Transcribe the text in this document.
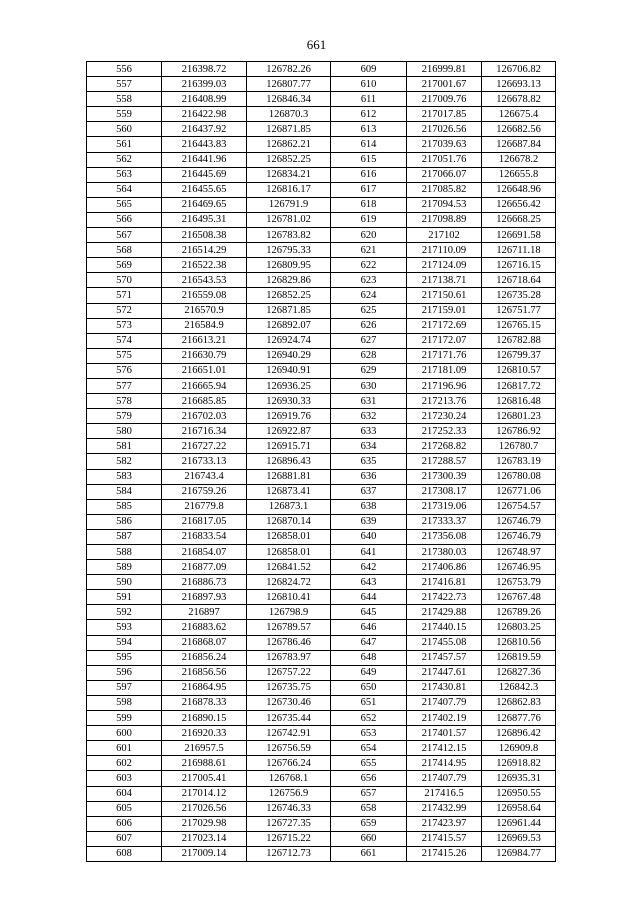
661
556	216398.72	126782.26	609	216999.81	126706.82
557	216399.03	126807.77	610	217001.67	126693.13
558	216408.99	126846.34	611	217009.76	126678.82
559	216422.98	126870.3	612	217017.85	126675.4
560	216437.92	126871.85	613	217026.56	126682.56
561	216443.83	126862.21	614	217039.63	126687.84
562	216441.96	126852.25	615	217051.76	126678.2
563	216445.69	126834.21	616	217066.07	126655.8
564	216455.65	126816.17	617	217085.82	126648.96
565	216469.65	126791.9	618	217094.53	126656.42
566	216495.31	126781.02	619	217098.89	126668.25
567	216508.38	126783.82	620	217102	126691.58
568	216514.29	126795.33	621	217110.09	126711.18
569	216522.38	126809.95	622	217124.09	126716.15
570	216543.53	126829.86	623	217138.71	126718.64
571	216559.08	126852.25	624	217150.61	126735.28
572	216570.9	126871.85	625	217159.01	126751.77
573	216584.9	126892.07	626	217172.69	126765.15
574	216613.21	126924.74	627	217172.07	126782.88
575	216630.79	126940.29	628	217171.76	126799.37
576	216651.01	126940.91	629	217181.09	126810.57
577	216665.94	126936.25	630	217196.96	126817.72
578	216685.85	126930.33	631	217213.76	126816.48
579	216702.03	126919.76	632	217230.24	126801.23
580	216716.34	126922.87	633	217252.33	126786.92
581	216727.22	126915.71	634	217268.82	126780.7
582	216733.13	126896.43	635	217288.57	126783.19
583	216743.4	126881.81	636	217300.39	126780.08
584	216759.26	126873.41	637	217308.17	126771.06
585	216779.8	126873.1	638	217319.06	126754.57
586	216817.05	126870.14	639	217333.37	126746.79
587	216833.54	126858.01	640	217356.08	126746.79
588	216854.07	126858.01	641	217380.03	126748.97
589	216877.09	126841.52	642	217406.86	126746.95
590	216886.73	126824.72	643	217416.81	126753.79
591	216897.93	126810.41	644	217422.73	126767.48
592	216897	126798.9	645	217429.88	126789.26
593	216883.62	126789.57	646	217440.15	126803.25
594	216868.07	126786.46	647	217455.08	126810.56
595	216856.24	126783.97	648	217457.57	126819.59
596	216856.56	126757.22	649	217447.61	126827.36
597	216864.95	126735.75	650	217430.81	126842.3
598	216878.33	126730.46	651	217407.79	126862.83
599	216890.15	126735.44	652	217402.19	126877.76
600	216920.33	126742.91	653	217401.57	126896.42
601	216957.5	126756.59	654	217412.15	126909.8
602	216988.61	126766.24	655	217414.95	126918.82
603	217005.41	126768.1	656	217407.79	126935.31
604	217014.12	126756.9	657	217416.5	126950.55
605	217026.56	126746.33	658	217432.99	126958.64
606	217029.98	126727.35	659	217423.97	126961.44
607	217023.14	126715.22	660	217415.57	126969.53
608	217009.14	126712.73	661	217415.26	126984.77
